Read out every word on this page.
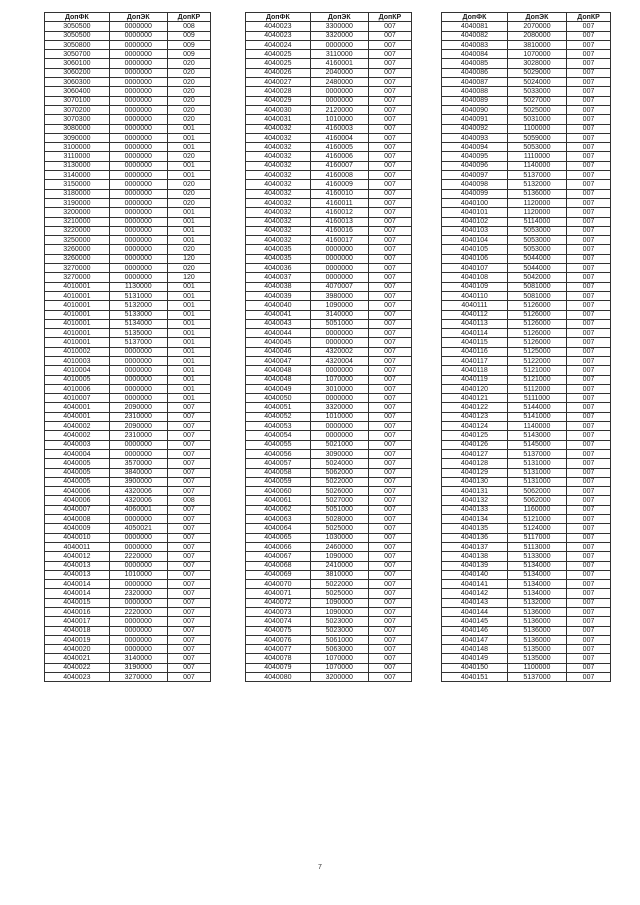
ДопФК	ДопЭК	ДопКР
3050500	0000000	008
3050500	0000000	009
3050800	0000000	009
3050700	0000000	009
3060100	0000000	020
3060200	0000000	020
3060300	0000000	020
3060400	0000000	020
3070100	0000000	020
3070200	0000000	020
3070300	0000000	020
3080000	0000000	001
3090000	0000000	001
3100000	0000000	001
3110000	0000000	020
3130000	0000000	001
3140000	0000000	001
3150000	0000000	020
3180000	0000000	020
3190000	0000000	020
3200000	0000000	001
3210000	0000000	001
3220000	0000000	001
3250000	0000000	001
3260000	0000000	020
3260000	0000000	120
3270000	0000000	020
3270000	0000000	120
4010001	1130000	001
4010001	5131000	001
4010001	5132000	001
4010001	5133000	001
4010001	5134000	001
4010001	5135000	001
4010001	5137000	001
4010002	0000000	001
4010003	0000000	001
4010004	0000000	001
4010005	0000000	001
4010006	0000000	001
4010007	0000000	001
4040001	2090000	007
4040001	2310000	007
4040002	2090000	007
4040002	2310000	007
4040003	0000000	007
4040004	0000000	007
4040005	3570000	007
4040005	3840000	007
4040005	3900000	007
4040006	4320006	007
4040006	4320006	008
4040007	4060001	007
4040008	0000000	007
4040009	4050021	007
4040010	0000000	007
4040011	0000000	007
4040012	2220000	007
4040013	0000000	007
4040013	1010000	007
4040014	0000000	007
4040014	2320000	007
4040015	0000000	007
4040016	2220000	007
4040017	0000000	007
4040018	0000000	007
4040019	0000000	007
4040020	0000000	007
4040021	3140000	007
4040022	3190000	007
4040023	3270000	007
ДопФК	ДопЭК	ДопКР
4040023	3300000	007
4040023	3320000	007
4040024	0000000	007
4040025	3110000	007
4040025	4160001	007
4040026	2040000	007
4040027	2480000	007
4040028	0000000	007
4040029	0000000	007
4040030	2120000	007
4040031	1010000	007
4040032	4160003	007
4040032	4160004	007
4040032	4160005	007
4040032	4160006	007
4040032	4160007	007
4040032	4160008	007
4040032	4160009	007
4040032	4160010	007
4040032	4160011	007
4040032	4160012	007
4040032	4160013	007
4040032	4160016	007
4040032	4160017	007
4040035	0000000	007
4040035	0000000	007
4040036	0000000	007
4040037	0000000	007
4040038	4070007	007
4040039	3980000	007
4040040	1090000	007
4040041	3140000	007
4040043	5051000	007
4040044	0000000	007
4040045	0000000	007
4040046	4320002	007
4040047	4320004	007
4040048	0000000	007
4040048	1070000	007
4040049	3010000	007
4040050	0000000	007
4040051	3320000	007
4040052	1010000	007
4040053	0000000	007
4040054	0000000	007
4040055	5021000	007
4040056	3090000	007
4040057	5024000	007
4040058	5062000	007
4040059	5022000	007
4040060	5026000	007
4040061	5027000	007
4040062	5051000	007
4040063	5028000	007
4040064	5025000	007
4040065	1030000	007
4040066	2460000	007
4040067	1090000	007
4040068	2410000	007
4040069	3810000	007
4040070	5022000	007
4040071	5025000	007
4040072	1090000	007
4040073	1090000	007
4040074	5023000	007
4040075	5023000	007
4040076	5061000	007
4040077	5063000	007
4040078	1070000	007
4040079	1070000	007
4040080	3200000	007
ДопФК	ДопЭК	ДопКР
4040081	2070000	007
4040082	2080000	007
4040083	3810000	007
4040084	1070000	007
4040085	3028000	007
4040086	5029000	007
4040087	5024000	007
4040088	5033000	007
4040089	5027000	007
4040090	5025000	007
4040091	5031000	007
4040092	1100000	007
4040093	5059000	007
4040094	5053000	007
4040095	1110000	007
4040096	1140000	007
4040097	5137000	007
4040098	5132000	007
4040099	5136000	007
4040100	1120000	007
4040101	1120000	007
4040102	5114000	007
4040103	5053000	007
4040104	5053000	007
4040105	5053000	007
4040106	5044000	007
4040107	5044000	007
4040108	5042000	007
4040109	5081000	007
4040110	5081000	007
4040111	5126000	007
4040112	5126000	007
4040113	5126000	007
4040114	5126000	007
4040115	5126000	007
4040116	5125000	007
4040117	5122000	007
4040118	5121000	007
4040119	5121000	007
4040120	5112000	007
4040121	5111000	007
4040122	5144000	007
4040123	5141000	007
4040124	1140000	007
4040125	5143000	007
4040126	5145000	007
4040127	5137000	007
4040128	5131000	007
4040129	5131000	007
4040130	5131000	007
4040131	5062000	007
4040132	5062000	007
4040133	1160000	007
4040134	5121000	007
4040135	5124000	007
4040136	5117000	007
4040137	5113000	007
4040138	5133000	007
4040139	5134000	007
4040140	5134000	007
4040141	5134000	007
4040142	5134000	007
4040143	5132000	007
4040144	5136000	007
4040145	5136000	007
4040146	5136000	007
4040147	5136000	007
4040148	5135000	007
4040149	5135000	007
4040150	1100000	007
4040151	5137000	007
7
